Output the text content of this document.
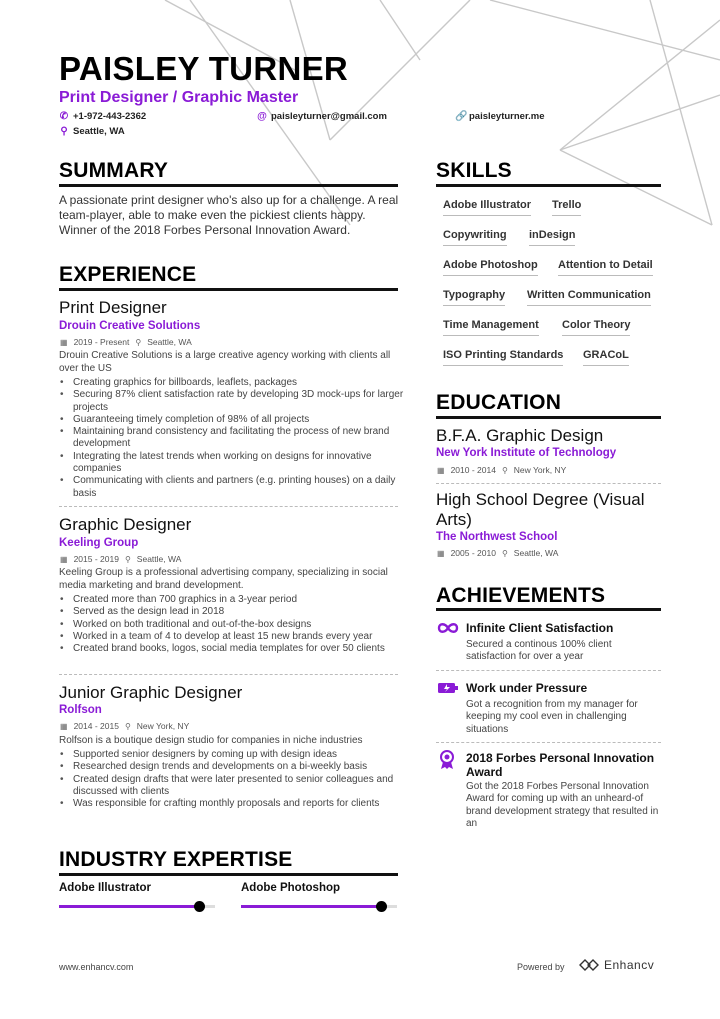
PAISLEY TURNER
Print Designer / Graphic Master
✆ +1-972-443-2362	@ paisleyturner@gmail.com	🔗 paisleyturner.me
⚲ Seattle, WA
SUMMARY
A passionate print designer who's also up for a challenge. A real team-player, able to make even the pickiest clients happy. Winner of the 2018 Forbes Personal Innovation Award.
EXPERIENCE
Print Designer
Drouin Creative Solutions
▦ 2019 - Present ⚲ Seattle, WA
Drouin Creative Solutions is a large creative agency working with clients all over the US
• Creating graphics for billboards, leaflets, packages
• Securing 87% client satisfaction rate by developing 3D mock-ups for larger projects
• Guaranteeing timely completion of 98% of all projects
• Maintaining brand consistency and facilitating the process of new brand development
• Integrating the latest trends when working on designs for innovative companies
• Communicating with clients and partners (e.g. printing houses) on a daily basis
Graphic Designer
Keeling Group
▦ 2015 - 2019 ⚲ Seattle, WA
Keeling Group is a professional advertising company, specializing in social media marketing and brand development.
• Created more than 700 graphics in a 3-year period
• Served as the design lead in 2018
• Worked on both traditional and out-of-the-box designs
• Worked in a team of 4 to develop at least 15 new brands every year
• Created brand books, logos, social media templates for over 50 clients
Junior Graphic Designer
Rolfson
▦ 2014 - 2015 ⚲ New York, NY
Rolfson is a boutique design studio for companies in niche industries
• Supported senior designers by coming up with design ideas
• Researched design trends and developments on a bi-weekly basis
• Created design drafts that were later presented to senior colleagues and discussed with clients
• Was responsible for crafting monthly proposals and reports for clients
INDUSTRY EXPERTISE
Adobe Illustrator	Adobe Photoshop
SKILLS
Adobe Illustrator Trello
Copywriting inDesign
Adobe Photoshop Attention to Detail
Typography Written Communication
Time Management Color Theory
ISO Printing Standards GRACoL
EDUCATION
B.F.A. Graphic Design
New York Institute of Technology
▦ 2010 - 2014 ⚲ New York, NY
High School Degree (Visual Arts)
The Northwest School
▦ 2005 - 2010 ⚲ Seattle, WA
ACHIEVEMENTS
Infinite Client Satisfaction
Secured a continous 100% client satisfaction for over a year
Work under Pressure
Got a recognition from my manager for keeping my cool even in challenging situations
2018 Forbes Personal Innovation Award
Got the 2018 Forbes Personal Innovation Award for coming up with an unheard-of brand development strategy that resulted in an
www.enhancv.com	Powered by	Enhancv
